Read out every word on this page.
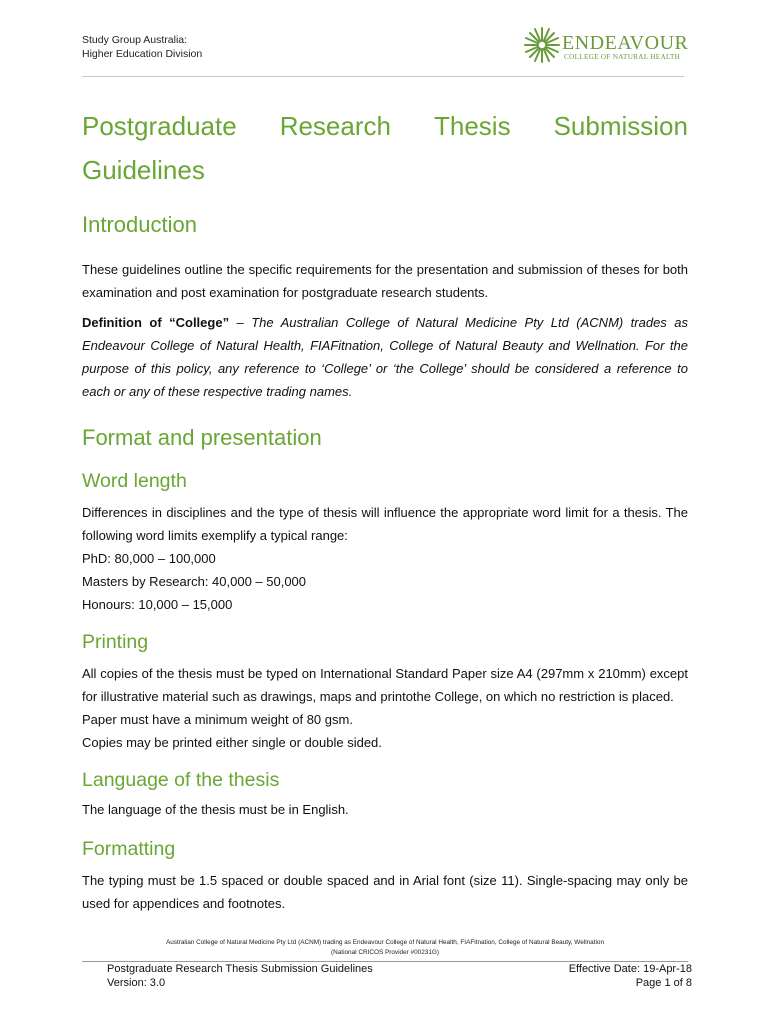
Study Group Australia:
Higher Education Division	ENDEAVOUR
COLLEGE OF NATURAL HEALTH
Postgraduate Research Thesis Submission
Guidelines
Introduction

These guidelines outline the specific requirements for the presentation and submission of theses for both examination and post examination for postgraduate research students.

Definition of “College” – The Australian College of Natural Medicine Pty Ltd (ACNM) trades as Endeavour College of Natural Health, FIAFitnation, College of Natural Beauty and Wellnation. For the purpose of this policy, any reference to ‘College’ or ‘the College’ should be considered a reference to each or any of these respective trading names.

Format and presentation
Word length

Differences in disciplines and the type of thesis will influence the appropriate word limit for a thesis. The following word limits exemplify a typical range:

PhD: 80,000 – 100,000

Masters by Research: 40,000 – 50,000

Honours: 10,000 – 15,000

Printing

All copies of the thesis must be typed on International Standard Paper size A4 (297mm x 210mm) except for illustrative material such as drawings, maps and printothe College, on which no restriction is placed.

Paper must have a minimum weight of 80 gsm.

Copies may be printed either single or double sided.

Language of the thesis

The language of the thesis must be in English.

Formatting

The typing must be 1.5 spaced or double spaced and in Arial font (size 11). Single-spacing may only be used for appendices and footnotes.

Australian College of Natural Medicine Pty Ltd (ACNM) trading as Endeavour College of Natural Health, FIAFitnation, College of Natural Beauty, Wellnation
(National CRICOS Provider #00231G)
Postgraduate Research Thesis Submission Guidelines
Version: 3.0
Effective Date: 19-Apr-18
Page 1 of 8
